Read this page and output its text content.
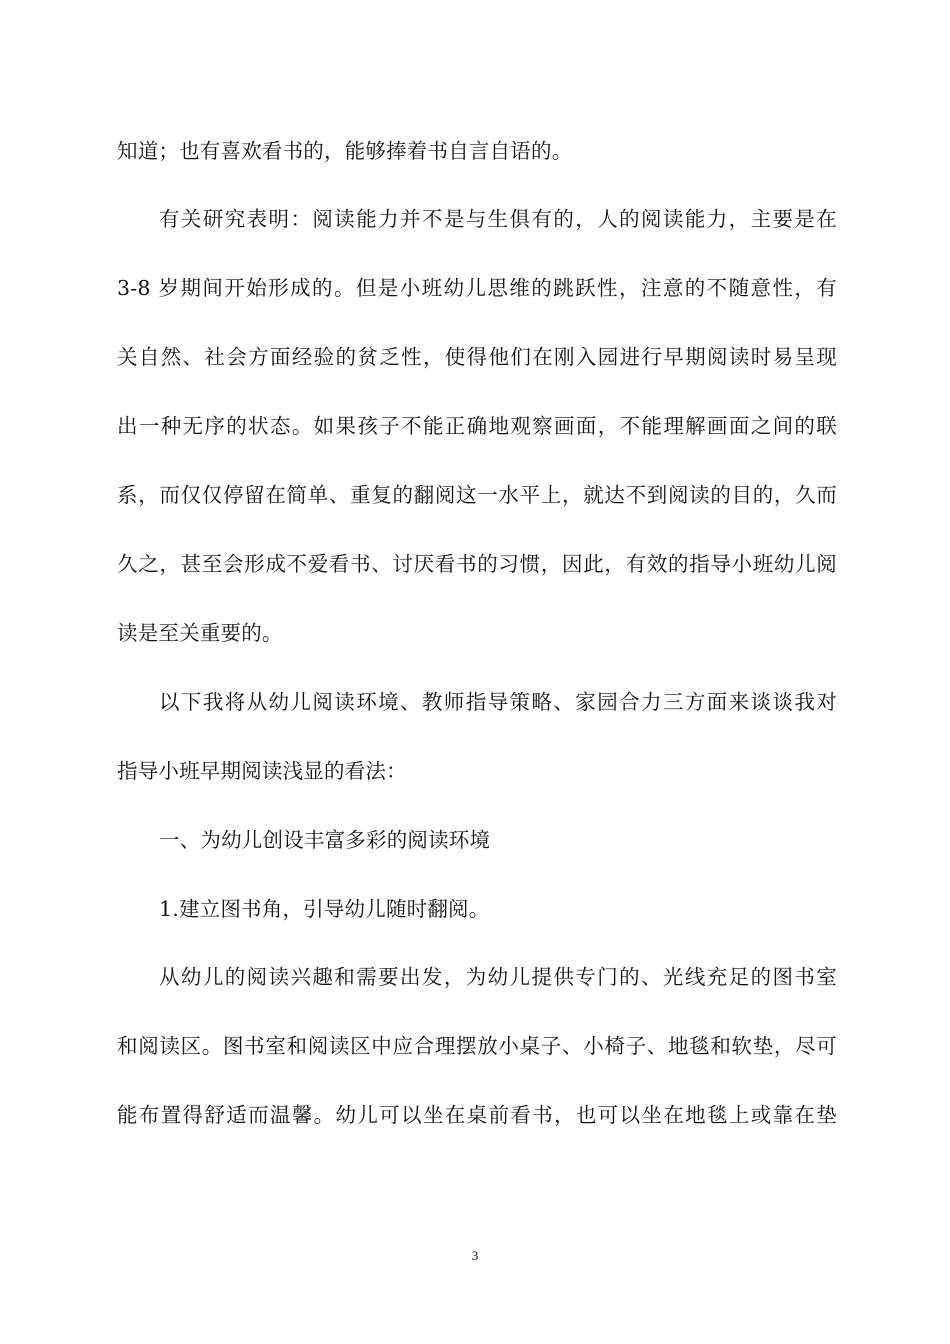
知道；也有喜欢看书的，能够捧着书自言自语的。
有关研究表明：阅读能力并不是与生俱有的，人的阅读能力，主要是在
3-8 岁期间开始形成的。但是小班幼儿思维的跳跃性，注意的不随意性，有
关自然、社会方面经验的贫乏性，使得他们在刚入园进行早期阅读时易呈现
出一种无序的状态。如果孩子不能正确地观察画面，不能理解画面之间的联
系，而仅仅停留在简单、重复的翻阅这一水平上，就达不到阅读的目的，久而
久之，甚至会形成不爱看书、讨厌看书的习惯，因此，有效的指导小班幼儿阅
读是至关重要的。
以下我将从幼儿阅读环境、教师指导策略、家园合力三方面来谈谈我对
指导小班早期阅读浅显的看法：
一、为幼儿创设丰富多彩的阅读环境
1.建立图书角，引导幼儿随时翻阅。
从幼儿的阅读兴趣和需要出发，为幼儿提供专门的、光线充足的图书室
和阅读区。图书室和阅读区中应合理摆放小桌子、小椅子、地毯和软垫，尽可
能布置得舒适而温馨。幼儿可以坐在桌前看书，也可以坐在地毯上或靠在垫
3
